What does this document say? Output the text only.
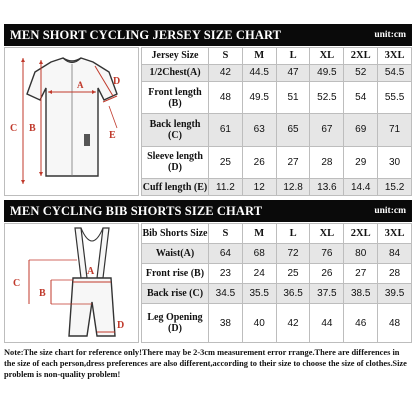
MEN SHORT CYCLING JERSEY SIZE CHART	unit:cm
A
B
C
D
E
Jersey Size	S	M	L	XL	2XL	3XL
1/2Chest(A)	42	44.5	47	49.5	52	54.5
Front length (B)	48	49.5	51	52.5	54	55.5
Back length (C)	61	63	65	67	69	71
Sleeve length (D)	25	26	27	28	29	30
Cuff length (E)	11.2	12	12.8	13.6	14.4	15.2
MEN CYCLING BIB SHORTS SIZE CHART	unit:cm
A
B
C
D
Bib Shorts Size	S	M	L	XL	2XL	3XL
Waist(A)	64	68	72	76	80	84
Front rise (B)	23	24	25	26	27	28
Back rise (C)	34.5	35.5	36.5	37.5	38.5	39.5
Leg Opening (D)	38	40	42	44	46	48
Note:The size chart for reference only!There may be 2-3cm measurement error rrange.There are differences in the size of each person,dress preferences are also different,according to their size to choose the size of clothes.Size problem is non-quality problem!
